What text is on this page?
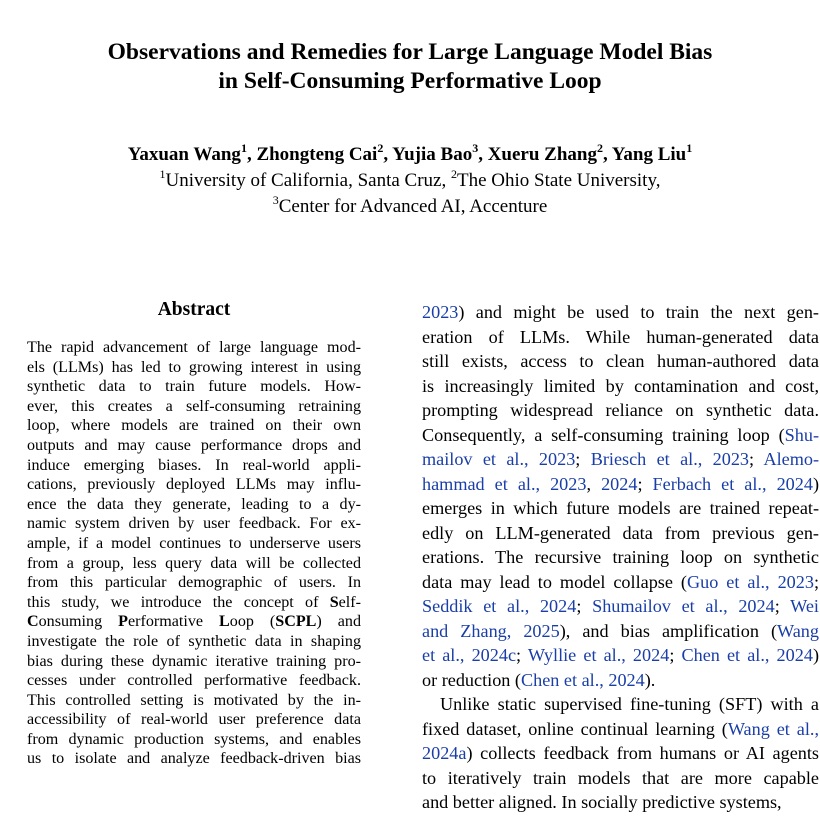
Observations and Remedies for Large Language Model Bias
in Self-Consuming Performative Loop
Yaxuan Wang$^1$, Zhongteng Cai$^2$, Yujia Bao$^3$, Xueru Zhang$^2$, Yang Liu$^1$
$^1$University of California, Santa Cruz, $^2$The Ohio State University,
$^3$Center for Advanced AI, Accenture
Abstract
The rapid advancement of large language mod-
els (LLMs) has led to growing interest in using
synthetic data to train future models. How-
ever, this creates a self-consuming retraining
loop, where models are trained on their own
outputs and may cause performance drops and
induce emerging biases. In real-world appli-
cations, previously deployed LLMs may influ-
ence the data they generate, leading to a dy-
namic system driven by user feedback. For ex-
ample, if a model continues to underserve users
from a group, less query data will be collected
from this particular demographic of users. In
this study, we introduce the concept of Self-
Consuming Performative Loop (SCPL) and
investigate the role of synthetic data in shaping
bias during these dynamic iterative training pro-
cesses under controlled performative feedback.
This controlled setting is motivated by the in-
accessibility of real-world user preference data
from dynamic production systems, and enables
us to isolate and analyze feedback-driven bias
2023) and might be used to train the next gen-
eration of LLMs. While human-generated data
still exists, access to clean human-authored data
is increasingly limited by contamination and cost,
prompting widespread reliance on synthetic data.
Consequently, a self-consuming training loop (Shu-
mailov et al., 2023; Briesch et al., 2023; Alemo-
hammad et al., 2023, 2024; Ferbach et al., 2024)
emerges in which future models are trained repeat-
edly on LLM-generated data from previous gen-
erations. The recursive training loop on synthetic
data may lead to model collapse (Guo et al., 2023;
Seddik et al., 2024; Shumailov et al., 2024; Wei
and Zhang, 2025), and bias amplification (Wang
et al., 2024c; Wyllie et al., 2024; Chen et al., 2024)
or reduction (Chen et al., 2024).
Unlike static supervised fine-tuning (SFT) with a
fixed dataset, online continual learning (Wang et al.,
2024a) collects feedback from humans or AI agents
to iteratively train models that are more capable
and better aligned. In socially predictive systems,
